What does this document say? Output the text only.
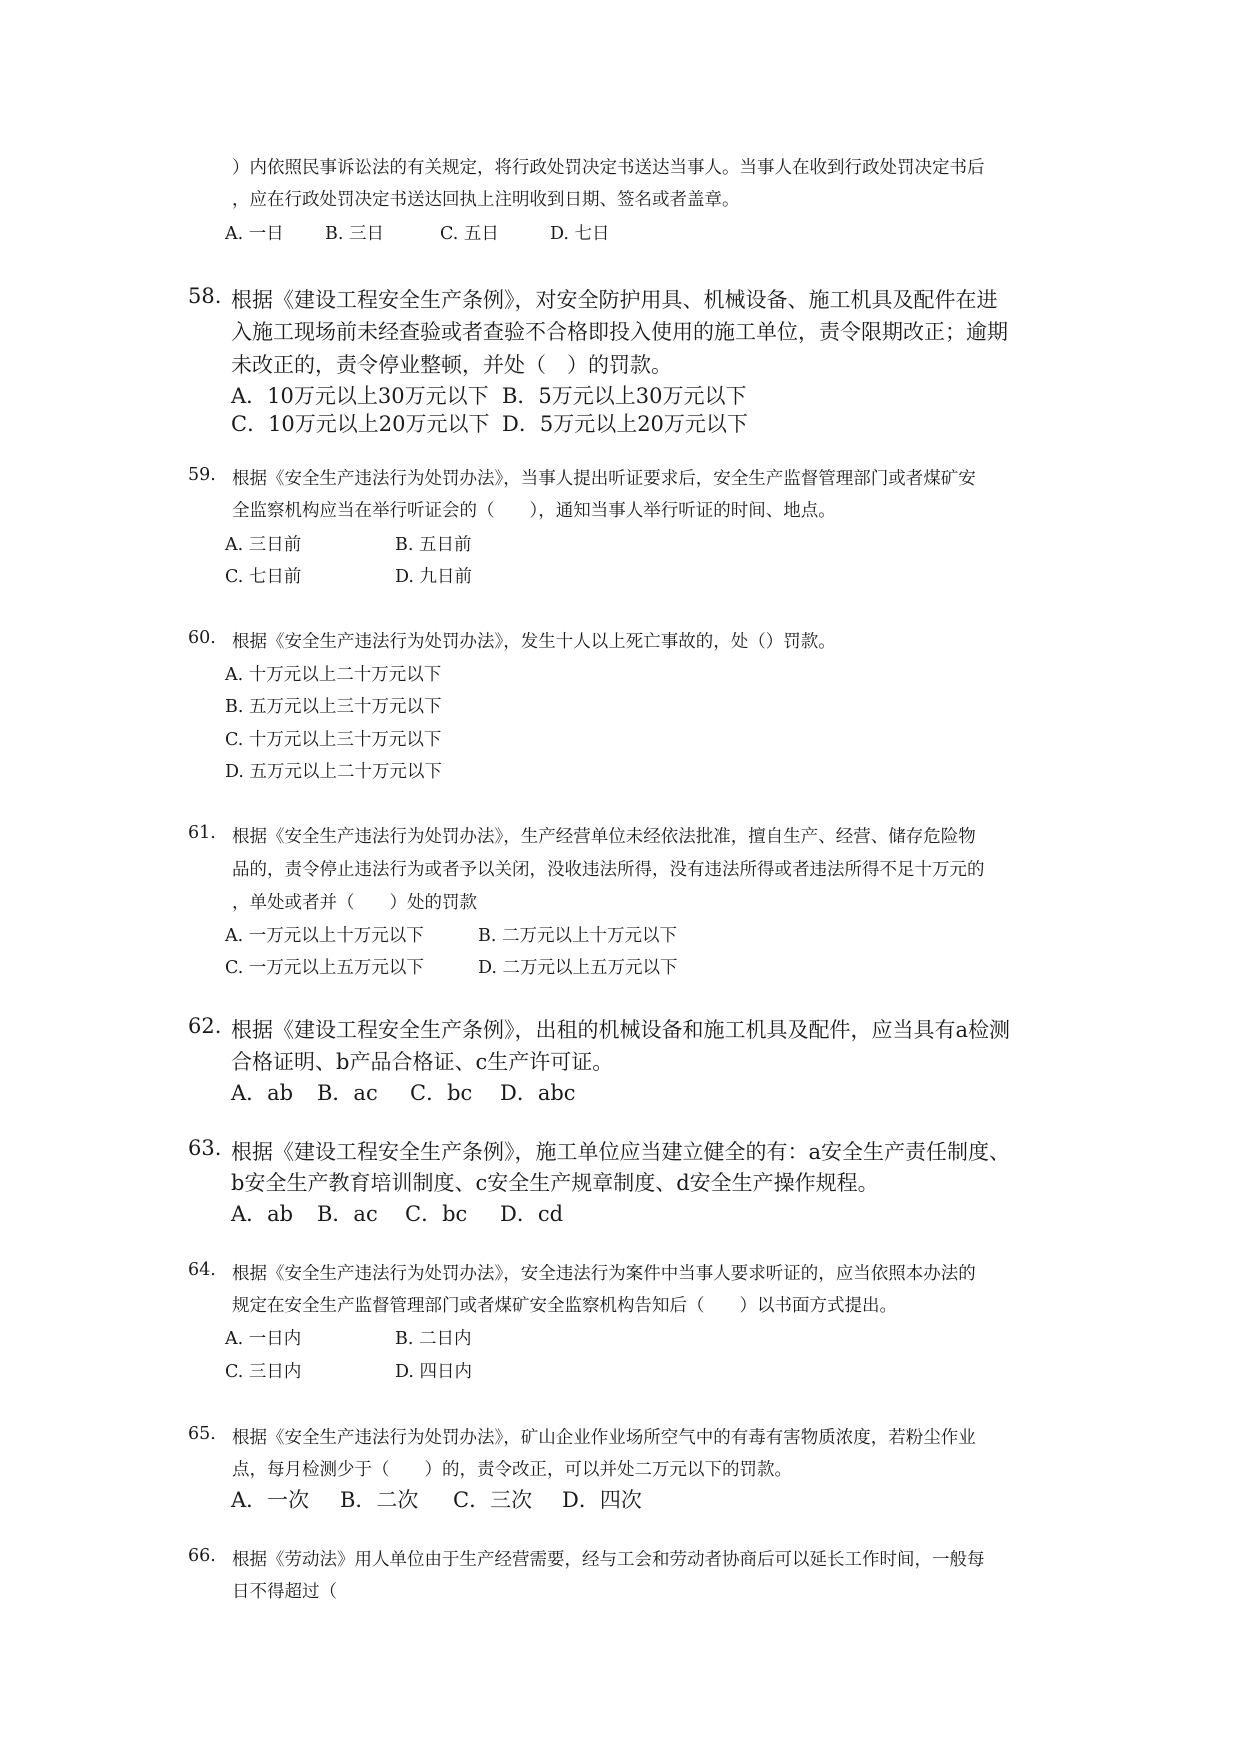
）内依照民事诉讼法的有关规定，将行政处罚决定书送达当事人。当事人在收到行政处罚决定书后
，应在行政处罚决定书送达回执上注明收到日期、签名或者盖章。
A. 一日 B. 三日	C. 五日	D. 七日
58. 根据《建设工程安全生产条例》，对安全防护用具、机械设备、施工机具及配件在进
入施工现场前未经查验或者查验不合格即投入使用的施工单位，责令限期改正；逾期
未改正的，责令停业整顿，并处（　）的罚款。
A．10万元以上30万元以下 B．5万元以上30万元以下
C．10万元以上20万元以下 D．5万元以上20万元以下
59. 根据《安全生产违法行为处罚办法》，当事人提出听证要求后，安全生产监督管理部门或者煤矿安
全监察机构应当在举行听证会的（　　），通知当事人举行听证的时间、地点。
A. 三日前	B. 五日前
C. 七日前	D. 九日前
60. 根据《安全生产违法行为处罚办法》，发生十人以上死亡事故的，处（）罚款。
A. 十万元以上二十万元以下
B. 五万元以上三十万元以下
C. 十万元以上三十万元以下
D. 五万元以上二十万元以下
61. 根据《安全生产违法行为处罚办法》，生产经营单位未经依法批准，擅自生产、经营、储存危险物
品的，责令停止违法行为或者予以关闭，没收违法所得，没有违法所得或者违法所得不足十万元的
，单处或者并（　　）处的罚款
A. 一万元以上十万元以下	B. 二万元以上十万元以下
C. 一万元以上五万元以下	D. 二万元以上五万元以下
62. 根据《建设工程安全生产条例》，出租的机械设备和施工机具及配件，应当具有a检测
合格证明、b产品合格证、c生产许可证。
A．ab B．ac C．bc D．abc
63. 根据《建设工程安全生产条例》，施工单位应当建立健全的有：a安全生产责任制度、
b安全生产教育培训制度、c安全生产规章制度、d安全生产操作规程。
A．ab B．ac C．bc D．cd
64. 根据《安全生产违法行为处罚办法》，安全违法行为案件中当事人要求听证的，应当依照本办法的
规定在安全生产监督管理部门或者煤矿安全监察机构告知后（　　）以书面方式提出。
A. 一日内	B. 二日内
C. 三日内	D. 四日内
65. 根据《安全生产违法行为处罚办法》，矿山企业作业场所空气中的有毒有害物质浓度，若粉尘作业
点，每月检测少于（　　）的，责令改正，可以并处二万元以下的罚款。
A．一次 B．二次 C．三次 D．四次
66. 根据《劳动法》用人单位由于生产经营需要，经与工会和劳动者协商后可以延长工作时间，一般每
日不得超过（
